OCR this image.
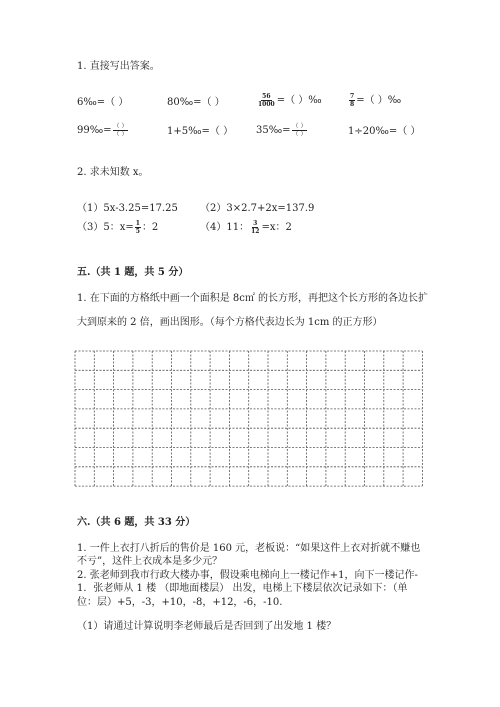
1. 直接写出答案。
6‰=（ ）	80‰=（ ）	$\frac{56}{1000}$ =（ ）‰	$\frac{7}{8}$ =（ ）‰
99‰= $\frac{( )}{( )}$	1+5‰=（ ） 35‰= $\frac{( )}{( )}$	1÷20‰=（ ）
2. 求未知数 x。
（1）5x-3.25=17.25 （2）3×2.7+2x=137.9
（3）5：$x= \frac{1}{5}$ ：2	（4）11： $\frac{3}{12} =x$：2
五.（共 1 题，共 5 分）
1. 在下面的方格纸中画一个面积是 8c㎡ 的长方形，再把这个长方形的各边长扩
大到原来的 2 倍，画出图形。（每个方格代表边长为 1cm 的正方形）
六.（共 6 题，共 33 分）
1. 一件上衣打八折后的售价是 160 元，老板说：“如果这件上衣对折就不赚也
不亏”，这件上衣成本是多少元？
2. 张老师到我市行政大楼办事，假设乘电梯向上一楼记作+1，向下一楼记作-
1．张老师从 1 楼 （即地面楼层） 出发，电梯上下楼层依次记录如下：（单
位：层）+5，-3，+10，-8，+12，-6，-10.
（1）请通过计算说明李老师最后是否回到了出发地 1 楼？
